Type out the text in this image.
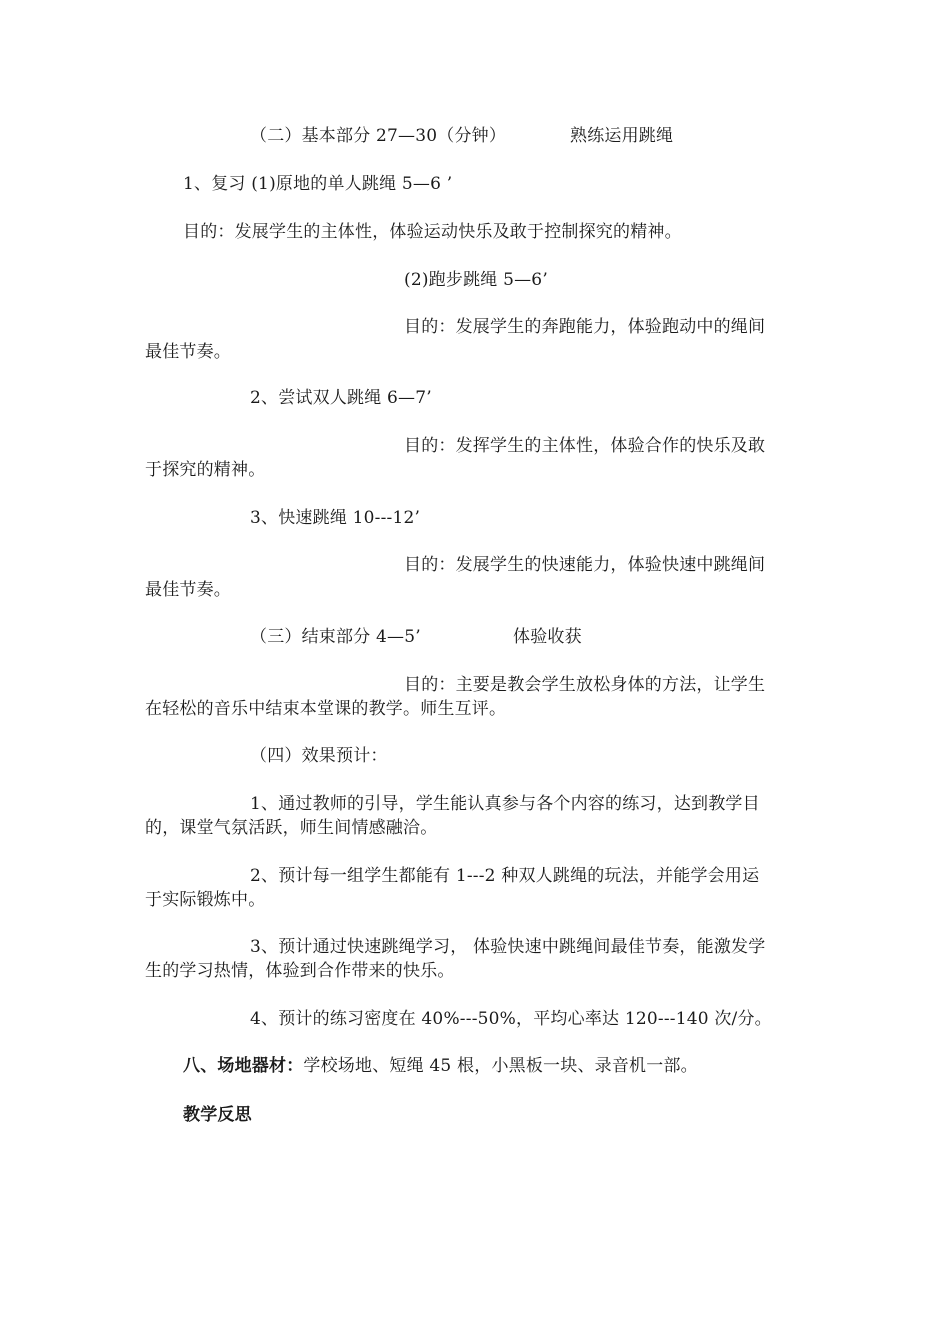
（二）基本部分 27—30（分钟）	熟练运用跳绳
1、复习 (1)原地的单人跳绳 5—6 ’
目的：发展学生的主体性，体验运动快乐及敢于控制探究的精神。
(2)跑步跳绳 5—6’
目的：发展学生的奔跑能力，体验跑动中的绳间
最佳节奏。
2、尝试双人跳绳 6—7’
目的：发挥学生的主体性，体验合作的快乐及敢
于探究的精神。
3、快速跳绳 10---12’
目的：发展学生的快速能力，体验快速中跳绳间
最佳节奏。
（三）结束部分 4—5’	体验收获
目的：主要是教会学生放松身体的方法，让学生
在轻松的音乐中结束本堂课的教学。师生互评。
（四）效果预计：
1、通过教师的引导，学生能认真参与各个内容的练习，达到教学目
的，课堂气氛活跃，师生间情感融洽。
2、预计每一组学生都能有 1---2 种双人跳绳的玩法，并能学会用运
于实际锻炼中。
3、预计通过快速跳绳学习， 体验快速中跳绳间最佳节奏，能激发学
生的学习热情，体验到合作带来的快乐。
4、预计的练习密度在 40%---50%，平均心率达 120---140 次/分。
八、场地器材：学校场地、短绳 45 根，小黑板一块、录音机一部。
教学反思
